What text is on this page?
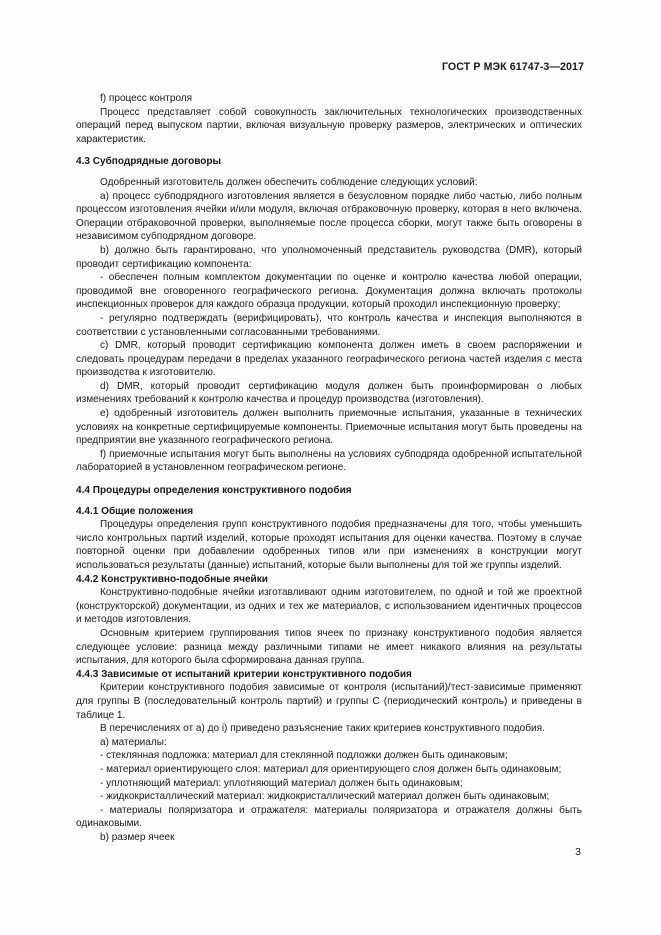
ГОСТ Р МЭК 61747-3—2017

f) процесс контроля

Процесс представляет собой совокупность заключительных технологических производственных операций перед выпуском партии, включая визуальную проверку размеров, электрических и оптических характеристик.

4.3 Субподрядные договоры

Одобренный изготовитель должен обеспечить соблюдение следующих условий:

a) процесс субподрядного изготовления является в безусловном порядке либо частью, либо полным процессом изготовления ячейки и/или модуля, включая отбраковочную проверку, которая в него включена. Операции отбраковочной проверки, выполняемые после процесса сборки, могут также быть оговорены в независимом субподрядном договоре.

b) должно быть гарантировано, что уполномоченный представитель руководства (DMR), который проводит сертификацию компонента:

- обеспечен полным комплектом документации по оценке и контролю качества любой операции, проводимой вне оговоренного географического региона. Документация должна включать протоколы инспекционных проверок для каждого образца продукции, который проходил инспекционную проверку;

- регулярно подтверждать (верифицировать), что контроль качества и инспекция выполняются в соответствии с установленными согласованными требованиями.

c) DMR, который проводит сертификацию компонента должен иметь в своем распоряжении и следовать процедурам передачи в пределах указанного географического региона частей изделия с места производства к изготовителю.

d) DMR, который проводит сертификацию модуля должен быть проинформирован о любых изменениях требований к контролю качества и процедур производства (изготовления).

e) одобренный изготовитель должен выполнить приемочные испытания, указанные в технических условиях на конкретные сертифицируемые компоненты. Приемочные испытания могут быть проведены на предприятии вне указанного географического региона.

f) приемочные испытания могут быть выполнены на условиях субподряда одобренной испытательной лабораторией в установленном географическом регионе.

4.4 Процедуры определения конструктивного подобия

4.4.1 Общие положения

Процедуры определения групп конструктивного подобия предназначены для того, чтобы уменьшить число контрольных партий изделий, которые проходят испытания для оценки качества. Поэтому в случае повторной оценки при добавлении одобренных типов или при изменениях в конструкции могут использоваться результаты (данные) испытаний, которые были выполнены для той же группы изделий.

4.4.2 Конструктивно-подобные ячейки

Конструктивно-подобные ячейки изготавливают одним изготовителем, по одной и той же проектной (конструкторской) документации, из одних и тех же материалов, с использованием идентичных процессов и методов изготовления.

Основным критерием группирования типов ячеек по признаку конструктивного подобия является следующее условие: разница между различными типами не имеет никакого влияния на результаты испытания, для которого была сформирована данная группа.

4.4.3 Зависимые от испытаний критерии конструктивного подобия

Критерии конструктивного подобия зависимые от контроля (испытаний)/тест-зависимые применяют для группы В (последовательный контроль партий) и группы С (периодический контроль) и приведены в таблице 1.

В перечислениях от а) до i) приведено разъяснение таких критериев конструктивного подобия.

a) материалы:

- стеклянная подложка: материал для стеклянной подложки должен быть одинаковым;

- материал ориентирующего слоя: материал для ориентирующего слоя должен быть одинаковым;

- уплотняющий материал: уплотняющий материал должен быть одинаковым;

- жидкокристаллический материал: жидкокристаллический материал должен быть одинаковым;

- материалы поляризатора и отражателя: материалы поляризатора и отражателя должны быть одинаковыми.

b) размер ячеек

3
